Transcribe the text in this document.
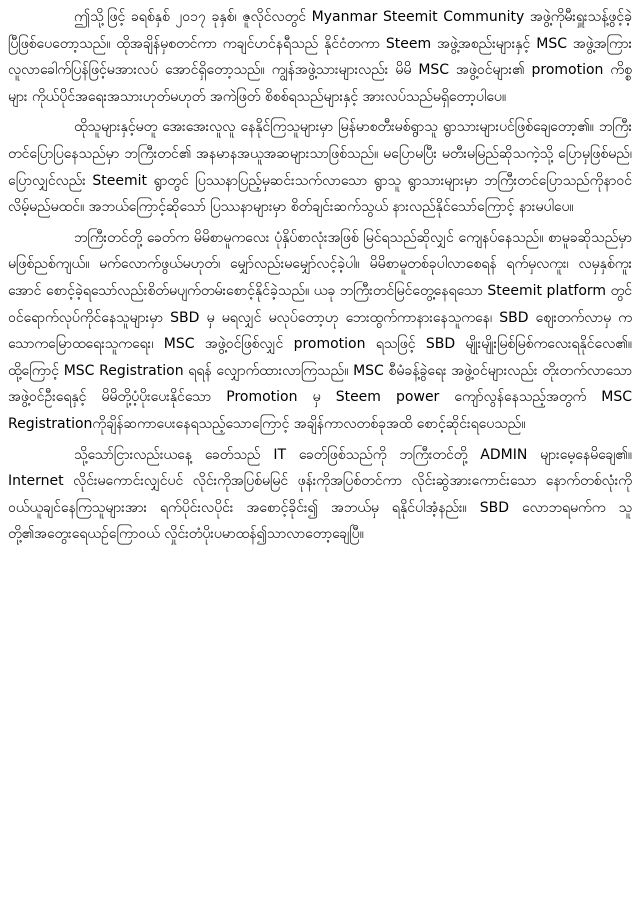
ဤသို့ဖြင့် ခရစ်နှစ် ၂၀၁၇ ခုနှစ်၊ ဇူလိုင်လတွင် Myanmar Steemit Community အဖွဲ့ကိုမီးရှူးသန့်ဖွင့်ခဲ့ပြီဖြစ်ပေတော့သည်။ ထိုအချိန်မှစတင်ကာ ကချင်ဟင်နရီသည် နိုင်ငံတကာ Steem အဖွဲ့အစည်းများနှင့် MSC အဖွဲ့အကြား လူလာခေါက်ပြန်ဖြင့်မအားလပ် အောင်ရှိတော့သည်။ ကျွန်အဖွဲ့သားများလည်း မိမိ MSC အဖွဲ့ဝင်များ၏ promotion ကိစ္စများ ကိုယ်ပိုင်အရေးအသားဟုတ်မဟုတ် အကဲဖြတ် စိစစ်ရသည်များနှင့် အားလပ်သည်မရှိတော့ပါပေ။

ထိုသူများနှင့်မတူ အေးအေးလူလူ နေနိုင်ကြသူများမှာ မြန်မာစတီးမစ်ရွာသူ ရွာသားများပင်ဖြစ်ချေတော့၏။ ဘကြီးတင်ပြောပြနေသည်မှာ ဘကြီးတင်၏ အနမာနအယူအဆများသာဖြစ်သည်။ မပြောမပြီး မတီးမမြည်ဆိုသကဲ့သို့ ပြောမှဖြစ်မည်၊ ပြောလျှင်လည်း Steemit ရွာတွင် ပြဿနာပြည့်မှဆင်းသက်လာသော ရွာသူ ရွာသားများမှာ ဘကြီးတင်ပြောသည်ကိုနာဝင်လိမ့်မည်မထင်။ အဘယ်ကြောင့်ဆိုသော် ပြဿနာများမှာ စိတ်ချင်းဆက်သွယ် နားလည်နိုင်သော်ကြောင့် နားမပါပေ။

ဘကြီးတင်တို့ ခေတ်က မိမိစာမူကလေး ပုံနှိပ်စာလုံးအဖြစ် မြင်ရသည်ဆိုလျှင် ကျေနပ်နေသည်။ စာမူခဆိုသည်မှာ မဖြစ်ညစ်ကျယ်။ မက်လောက်ဖွယ်မဟုတ်၊ မျှော်လည်းမမျှော်လင့်ခဲ့ပါ။ မိမိစာမူတစ်ခုပါလာစေရန် ရက်မှလကူး၊ လမှနှစ်ကူးအောင် စောင့်ခဲ့ရသော်လည်းစိတ်မပျက်တမ်းစောင့်နိုင်ခဲ့သည်။ ယခု ဘကြီးတင်မြင်တွေ့နေရသော Steemit platform တွင် ဝင်ရောက်လုပ်ကိုင်နေသူများမှာ SBD မှ မရလျှင် မလုပ်တော့ဟု ဘေးထွက်ကာနားနေသူကနေ၊ SBD စျေးတက်လာမှ ကသောကမြောထရေးသူကရေး၊ MSC အဖွဲ့ဝင်ဖြစ်လျှင် promotion ရသဖြင့် SBD မျိုးမျိုးမြစ်မြစ်ကလေးရနိုင်လေ၏။ ထို့ကြောင့် MSC Registration ရရန် လျှောက်ထားလာကြသည်။ MSC စီမံခန့်ခွဲရေး အဖွဲ့ဝင်များလည်း တိုးတက်လာသောအဖွဲ့ဝင်ဦးရေနှင့် မိမိတို့ပံ့ပိုးပေးနိုင်သော Promotion မှ Steem power ကျော်လွန်နေသည့်အတွက် MSC Registrationကိုချိန်ဆကာပေးနေရသည့်သောကြောင့် အချိန်ကာလတစ်ခုအထိ စောင့်ဆိုင်းရပေသည်။

သို့သော်ငြားလည်းယနေ့ ခေတ်သည် IT ခေတ်ဖြစ်သည်ကို ဘကြီးတင်တို့ ADMIN များမေ့နေမိချေ၏။ Internet လိုင်းမကောင်းလျှင်ပင် လိုင်းကိုအပြစ်မမြင် ဖုန်းကိုအပြစ်တင်ကာ လိုင်းဆွဲအားကောင်းသော နောက်တစ်လုံးကို ဝယ်ယူချင်နေကြသူများအား ရက်ပိုင်းလပိုင်း အစောင့်ခိုင်း၍ အဘယ်မှ ရနိုင်ပါအံ့နည်း။ SBD လောဘရမက်က သူတို့၏အတွေးရေယဉ်ကြောဝယ် လှိုင်းတံပိုးပမာထန်၍သာလာတော့ချေပြီ။
